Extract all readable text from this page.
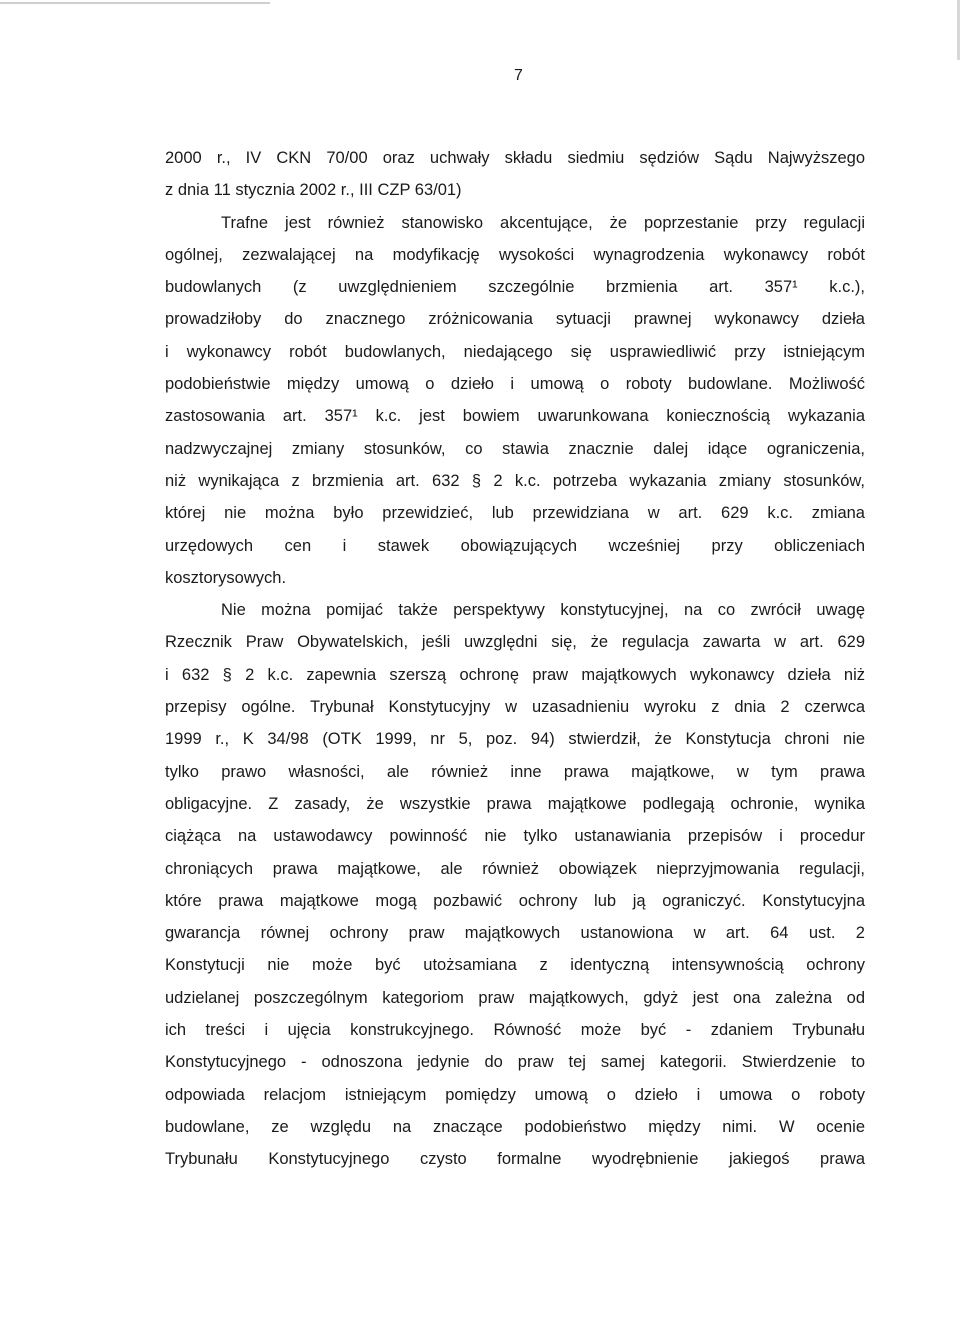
7
2000 r., IV CKN 70/00 oraz uchwały składu siedmiu sędziów Sądu Najwyższego
z dnia 11 stycznia 2002 r., III CZP 63/01)
Trafne jest również stanowisko akcentujące, że poprzestanie przy regulacji
ogólnej, zezwalającej na modyfikację wysokości wynagrodzenia wykonawcy robót
budowlanych (z uwzględnieniem szczególnie brzmienia art. 357¹ k.c.),
prowadziłoby do znacznego zróżnicowania sytuacji prawnej wykonawcy dzieła
i wykonawcy robót budowlanych, niedającego się usprawiedliwić przy istniejącym
podobieństwie między umową o dzieło i umową o roboty budowlane. Możliwość
zastosowania art. 357¹ k.c. jest bowiem uwarunkowana koniecznością wykazania
nadzwyczajnej zmiany stosunków, co stawia znacznie dalej idące ograniczenia,
niż wynikająca z brzmienia art. 632 § 2 k.c. potrzeba wykazania zmiany stosunków,
której nie można było przewidzieć, lub przewidziana w art. 629 k.c. zmiana
urzędowych cen i stawek obowiązujących wcześniej przy obliczeniach
kosztorysowych.
Nie można pomijać także perspektywy konstytucyjnej, na co zwrócił uwagę
Rzecznik Praw Obywatelskich, jeśli uwzględni się, że regulacja zawarta w art. 629
i 632 § 2 k.c. zapewnia szerszą ochronę praw majątkowych wykonawcy dzieła niż
przepisy ogólne. Trybunał Konstytucyjny w uzasadnieniu wyroku z dnia 2 czerwca
1999 r., K 34/98 (OTK 1999, nr 5, poz. 94) stwierdził, że Konstytucja chroni nie
tylko prawo własności, ale również inne prawa majątkowe, w tym prawa
obligacyjne. Z zasady, że wszystkie prawa majątkowe podlegają ochronie, wynika
ciążąca na ustawodawcy powinność nie tylko ustanawiania przepisów i procedur
chroniących prawa majątkowe, ale również obowiązek nieprzyjmowania regulacji,
które prawa majątkowe mogą pozbawić ochrony lub ją ograniczyć. Konstytucyjna
gwarancja równej ochrony praw majątkowych ustanowiona w art. 64 ust. 2
Konstytucji nie może być utożsamiana z identyczną intensywnością ochrony
udzielanej poszczególnym kategoriom praw majątkowych, gdyż jest ona zależna od
ich treści i ujęcia konstrukcyjnego. Równość może być - zdaniem Trybunału
Konstytucyjnego - odnoszona jedynie do praw tej samej kategorii. Stwierdzenie to
odpowiada relacjom istniejącym pomiędzy umową o dzieło i umowa o roboty
budowlane, ze względu na znaczące podobieństwo między nimi. W ocenie
Trybunału Konstytucyjnego czysto formalne wyodrębnienie jakiegoś prawa
